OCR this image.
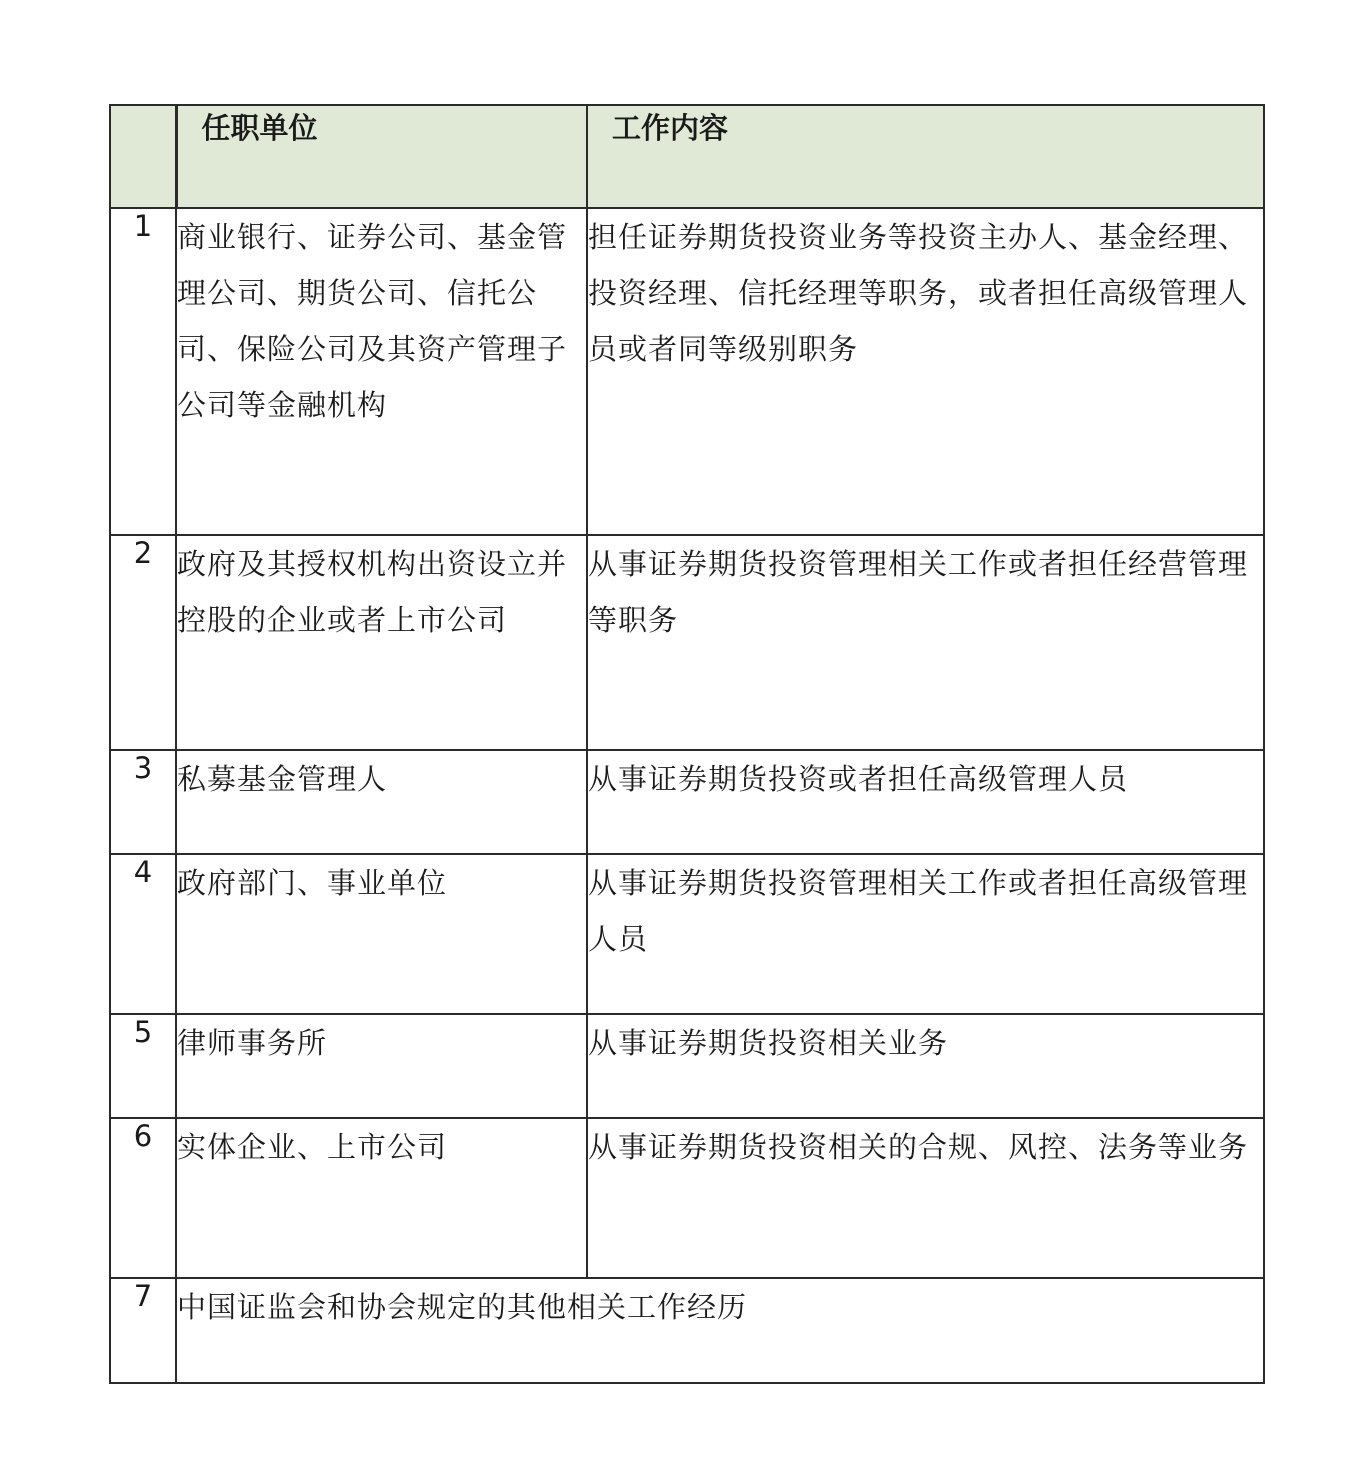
	任职单位	工作内容

1	商业银行、证券公司、基金管理公司、期货公司、信托公司、保险公司及其资产管理子公司等金融机构	担任证券期货投资业务等投资主办人、基金经理、投资经理、信托经理等职务，或者担任高级管理人员或者同等级别职务
2	政府及其授权机构出资设立并控股的企业或者上市公司	从事证券期货投资管理相关工作或者担任经营管理等职务
3	私募基金管理人	从事证券期货投资或者担任高级管理人员
4	政府部门、事业单位	从事证券期货投资管理相关工作或者担任高级管理人员
5	律师事务所	从事证券期货投资相关业务
6	实体企业、上市公司	从事证券期货投资相关的合规、风控、法务等业务
7	中国证监会和协会规定的其他相关工作经历	
